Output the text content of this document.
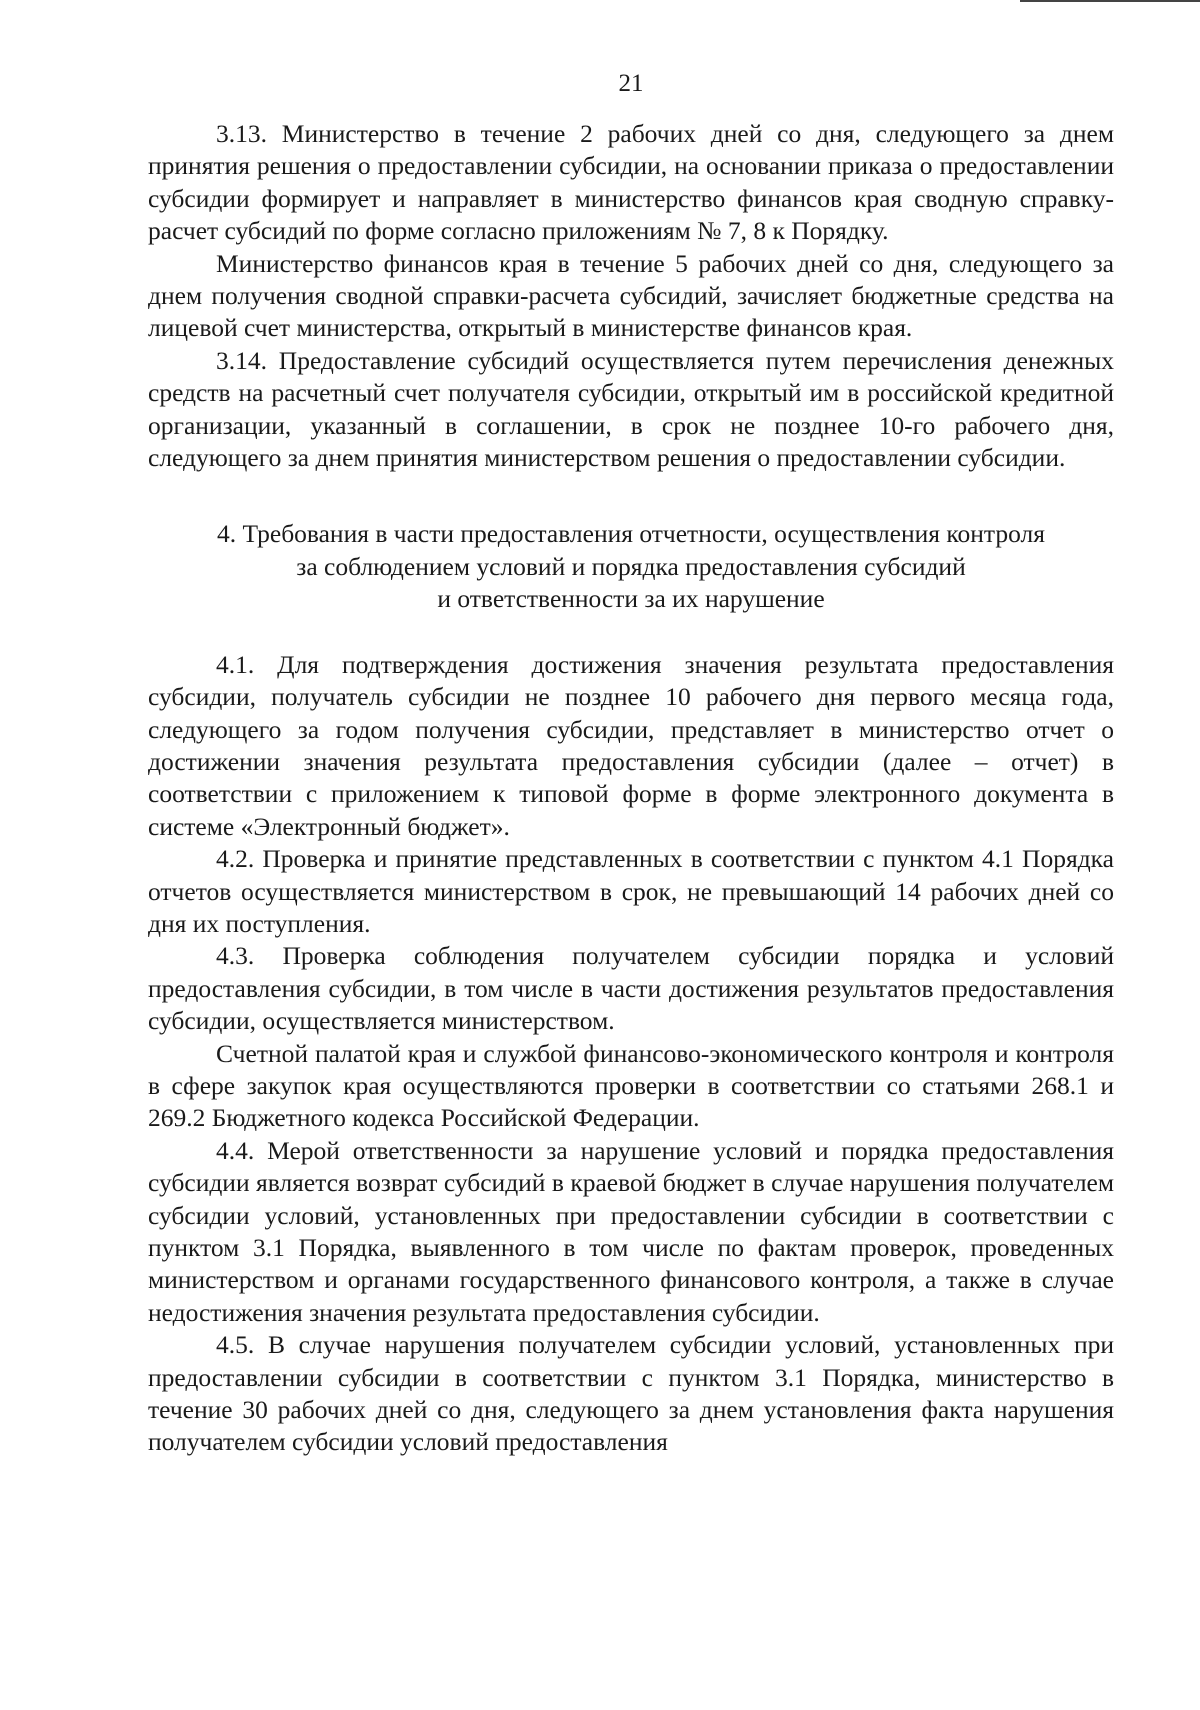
21

3.13. Министерство в течение 2 рабочих дней со дня, следующего за днем принятия решения о предоставлении субсидии, на основании приказа о предоставлении субсидии формирует и направляет в министерство финансов края сводную справку-расчет субсидий по форме согласно приложениям № 7, 8 к Порядку.

Министерство финансов края в течение 5 рабочих дней со дня, следующего за днем получения сводной справки-расчета субсидий, зачисляет бюджетные средства на лицевой счет министерства, открытый в министерстве финансов края.

3.14. Предоставление субсидий осуществляется путем перечисления денежных средств на расчетный счет получателя субсидии, открытый им в российской кредитной организации, указанный в соглашении, в срок не позднее 10-го рабочего дня, следующего за днем принятия министерством решения о предоставлении субсидии.

4. Требования в части предоставления отчетности, осуществления контроля
за соблюдением условий и порядка предоставления субсидий
и ответственности за их нарушение

4.1. Для подтверждения достижения значения результата предоставления субсидии, получатель субсидии не позднее 10 рабочего дня первого месяца года, следующего за годом получения субсидии, представляет в министерство отчет о достижении значения результата предоставления субсидии (далее – отчет) в соответствии с приложением к типовой форме в форме электронного документа в системе «Электронный бюджет».

4.2. Проверка и принятие представленных в соответствии с пунктом 4.1 Порядка отчетов осуществляется министерством в срок, не превышающий 14 рабочих дней со дня их поступления.

4.3. Проверка соблюдения получателем субсидии порядка и условий предоставления субсидии, в том числе в части достижения результатов предоставления субсидии, осуществляется министерством.

Счетной палатой края и службой финансово-экономического контроля и контроля в сфере закупок края осуществляются проверки в соответствии со статьями 268.1 и 269.2 Бюджетного кодекса Российской Федерации.

4.4. Мерой ответственности за нарушение условий и порядка предоставления субсидии является возврат субсидий в краевой бюджет в случае нарушения получателем субсидии условий, установленных при предоставлении субсидии в соответствии с пунктом 3.1 Порядка, выявленного в том числе по фактам проверок, проведенных министерством и органами государственного финансового контроля, а также в случае недостижения значения результата предоставления субсидии.

4.5. В случае нарушения получателем субсидии условий, установленных при предоставлении субсидии в соответствии с пунктом 3.1 Порядка, министерство в течение 30 рабочих дней со дня, следующего за днем установления факта нарушения получателем субсидии условий предоставления
